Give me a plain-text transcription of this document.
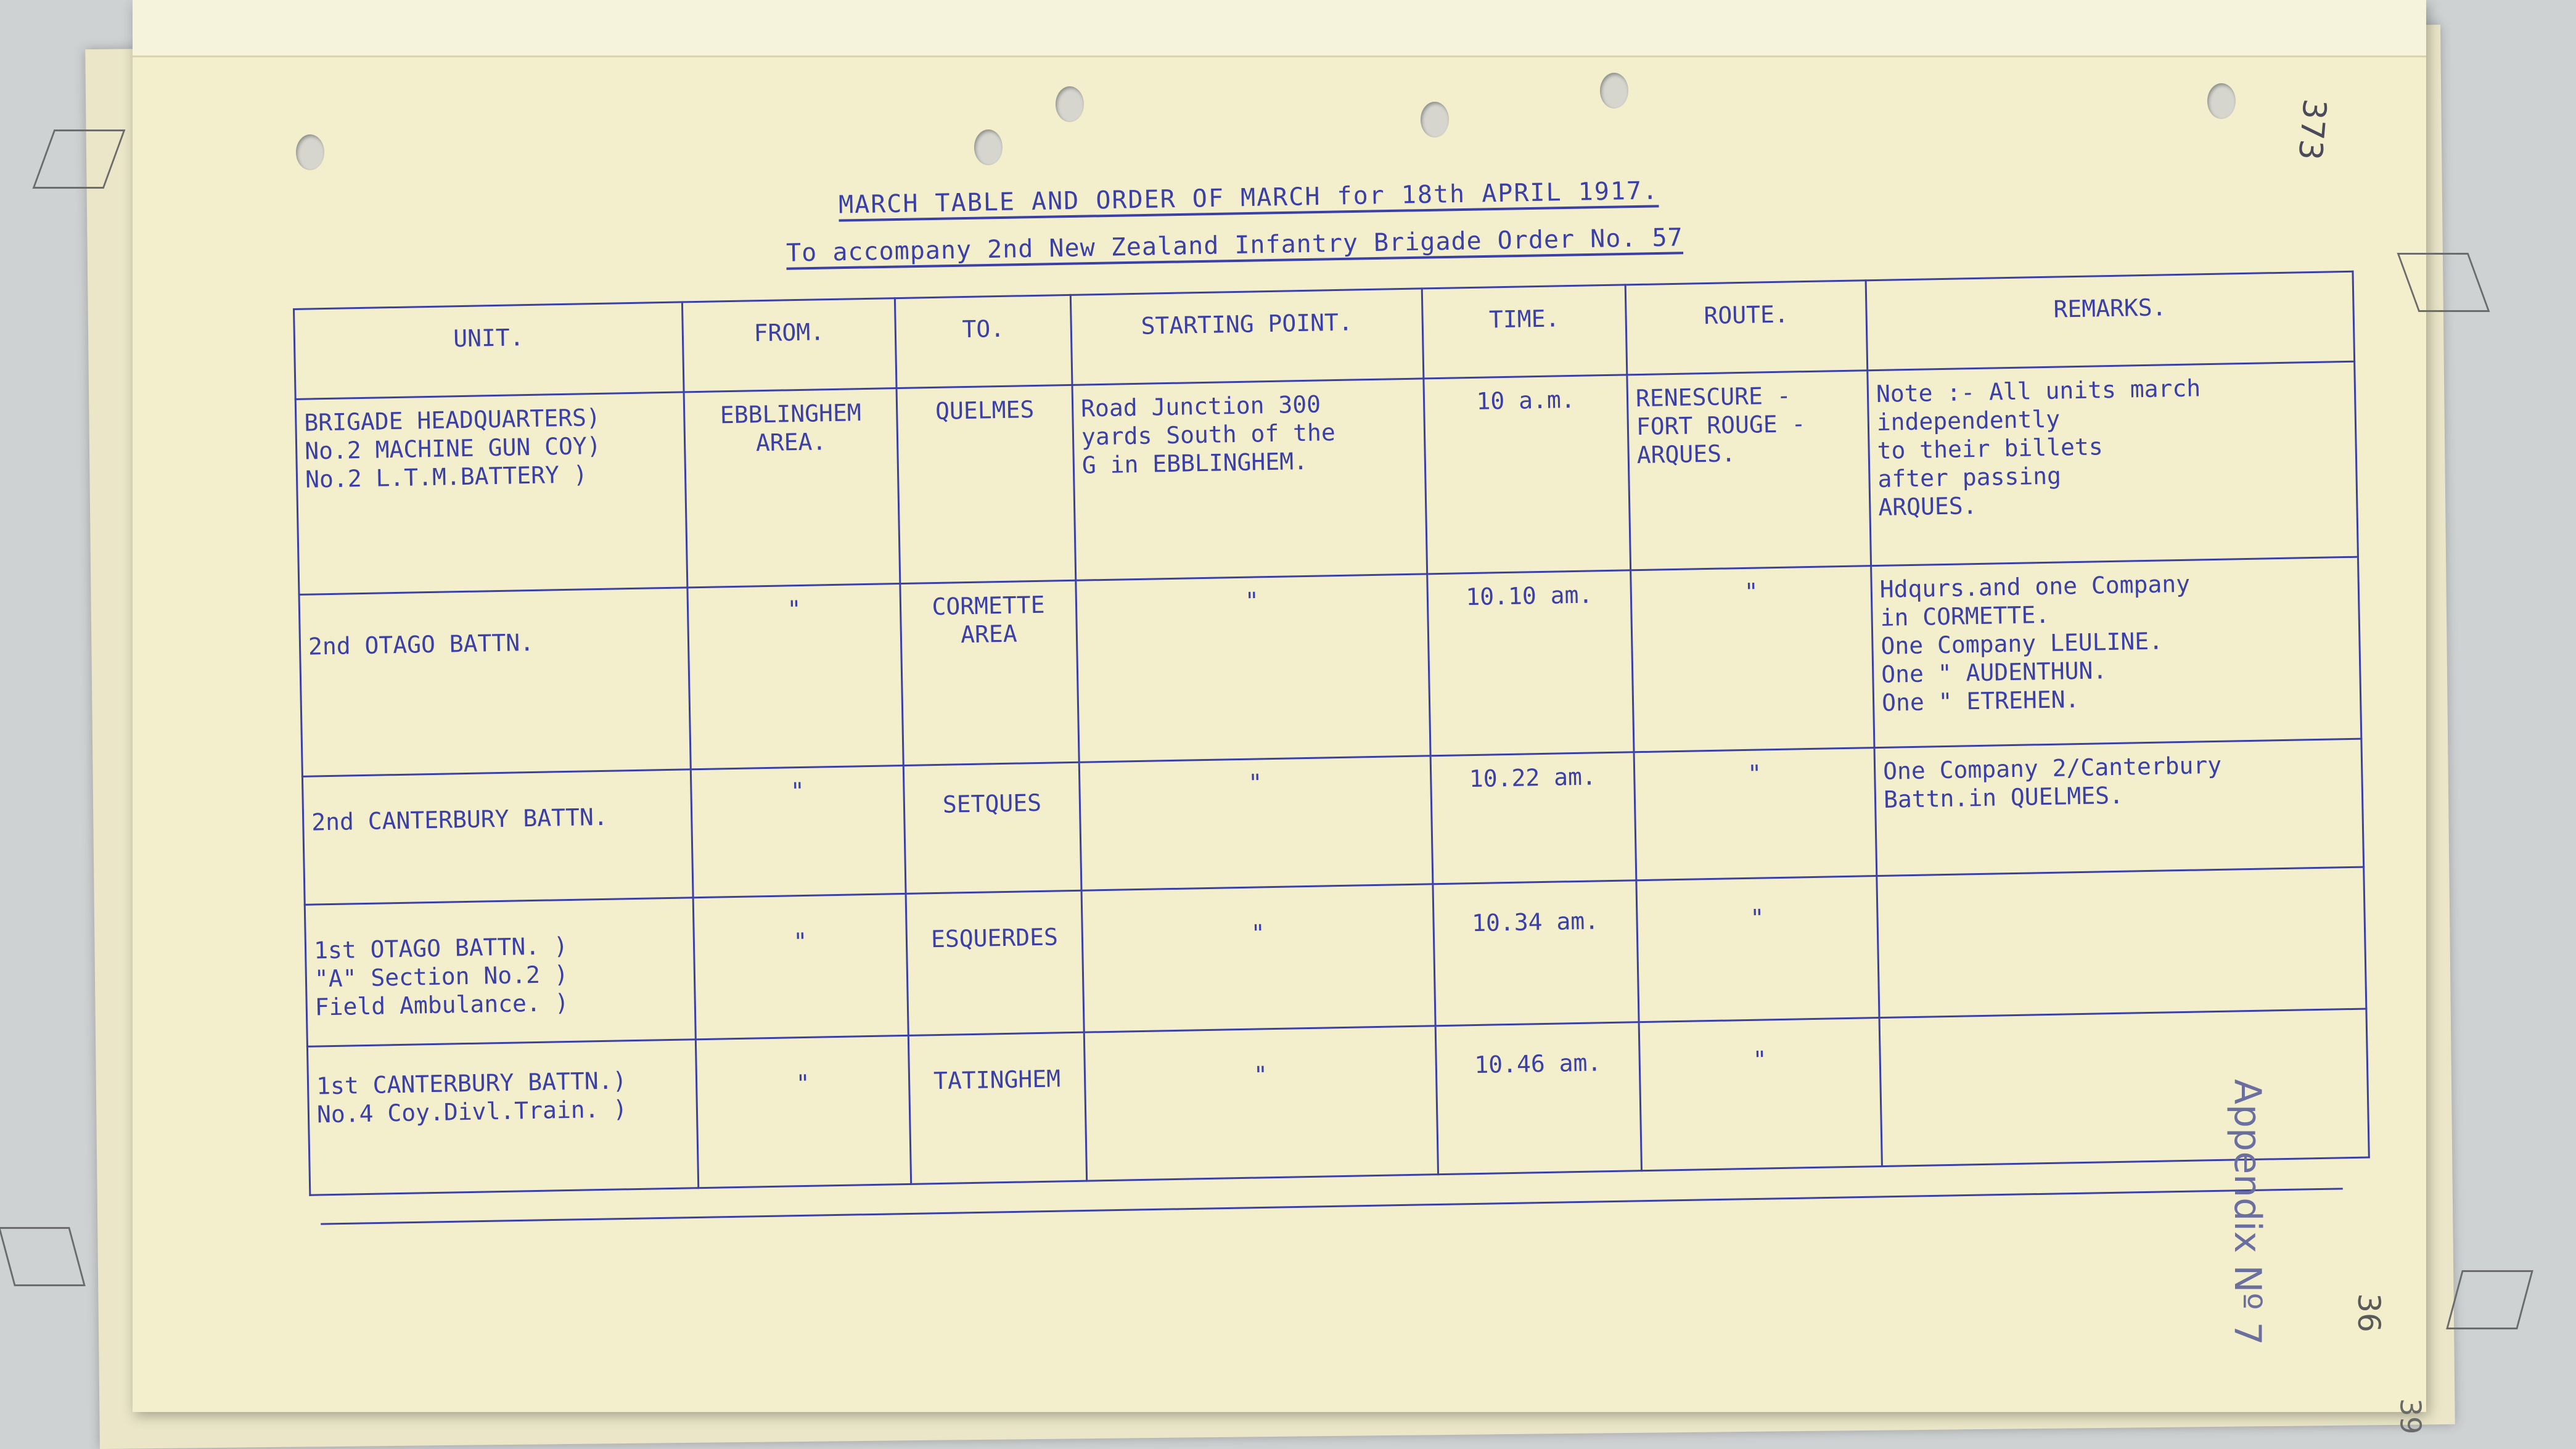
373
MARCH TABLE AND ORDER OF MARCH for 18th APRIL 1917.
To accompany 2nd New Zealand Infantry Brigade Order No. 57
UNIT.	FROM.	TO.	STARTING POINT.	TIME.	ROUTE.	REMARKS.
BRIGADE HEADQUARTERS)
No.2 MACHINE GUN COY)
No.2 L.T.M.BATTERY )	EBBLINGHEM
AREA.	QUELMES	Road Junction 300
yards South of the
G in EBBLINGHEM.	10 a.m.	RENESCURE -
FORT ROUGE -
ARQUES.	Note :- All units march
independently
to their billets
after passing
ARQUES.
2nd OTAGO BATTN.	"	CORMETTE
AREA	"	10.10 am.	"	Hdqurs.and one Company
in CORMETTE.
One Company LEULINE.
One " AUDENTHUN.
One " ETREHEN.
2nd CANTERBURY BATTN.	"	SETQUES	"	10.22 am.	"	One Company 2/Canterbury
Battn.in QUELMES.
1st OTAGO BATTN. )
"A" Section No.2 )
Field Ambulance. )	"	ESQUERDES	"	10.34 am.	"	
1st CANTERBURY BATTN.)
No.4 Coy.Divl.Train. )	"	TATINGHEM	"	10.46 am.	"	
Appendix Nº 7	36
39
